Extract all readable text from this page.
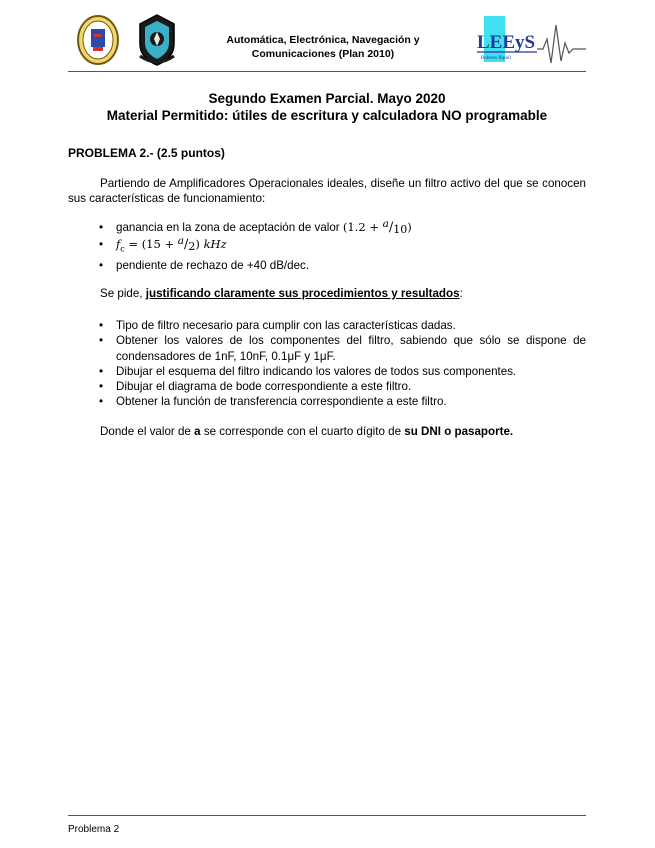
Automática, Electrónica, Navegación y
Comunicaciones (Plan 2010)
LEEyS
Roberto Ripoll
Segundo Examen Parcial. Mayo 2020
Material Permitido: útiles de escritura y calculadora NO programable
PROBLEMA 2.- (2.5 puntos)
Partiendo de Amplificadores Operacionales ideales, diseñe un filtro activo del que se conocen sus características de funcionamiento:
• ganancia en la zona de aceptación de valor (1.2 + a/10)
• $f_c = (15 + a/2)$ kHz
• pendiente de rechazo de +40 dB/dec.
Se pide, justificando claramente sus procedimientos y resultados:
• Tipo de filtro necesario para cumplir con las características dadas.
• Obtener los valores de los componentes del filtro, sabiendo que sólo se dispone de condensadores de 1nF, 10nF, 0.1μF y 1μF.
• Dibujar el esquema del filtro indicando los valores de todos sus componentes.
• Dibujar el diagrama de bode correspondiente a este filtro.
• Obtener la función de transferencia correspondiente a este filtro.
Donde el valor de a se corresponde con el cuarto dígito de su DNI o pasaporte.
Problema 2
